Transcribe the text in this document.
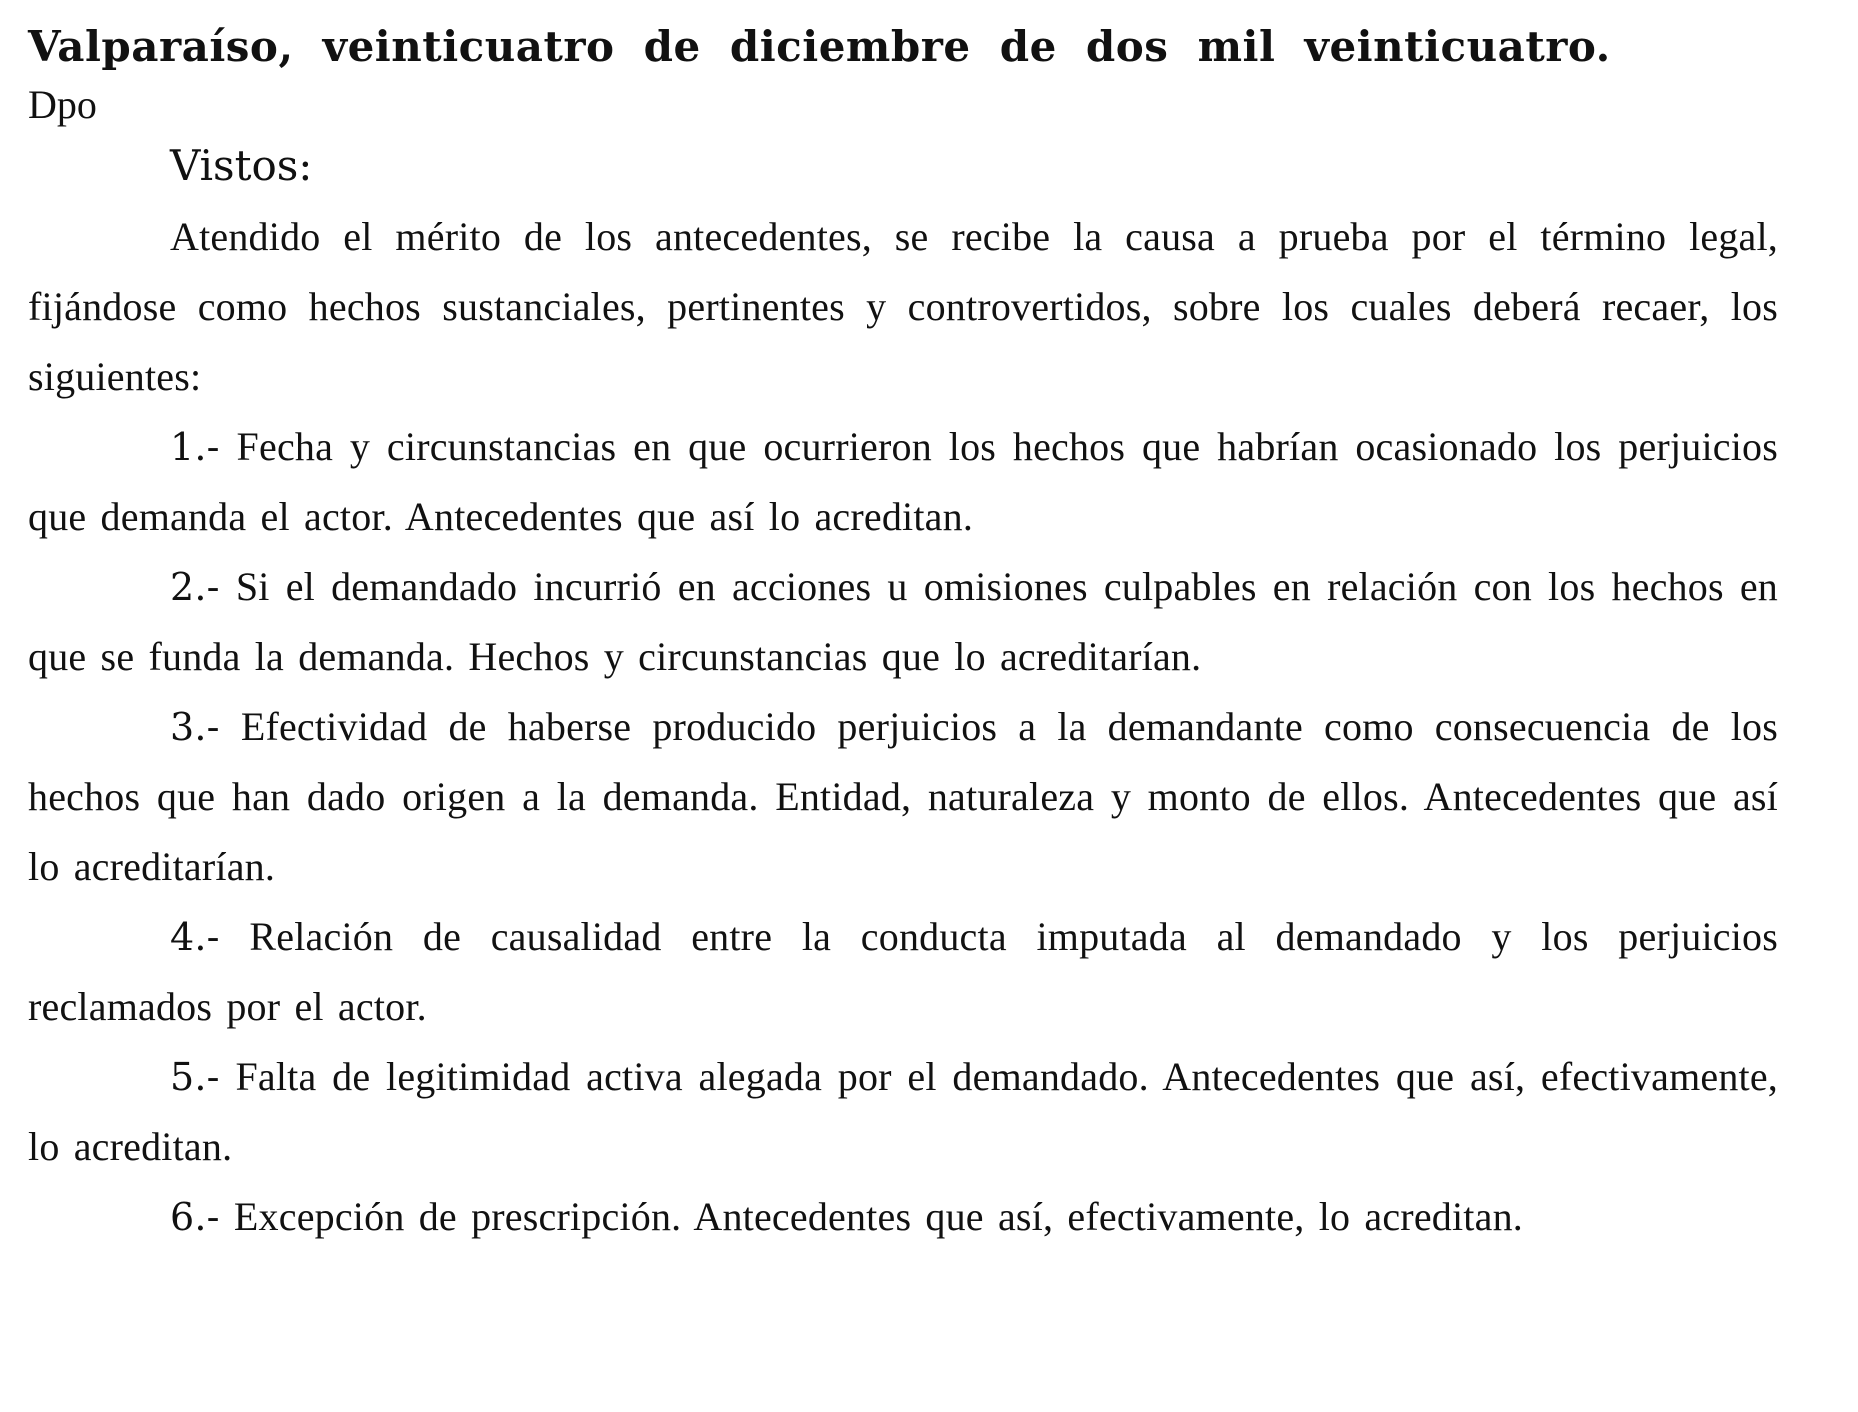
Valparaíso, veinticuatro de diciembre de dos mil veinticuatro.

Dpo

Vistos:

Atendido el mérito de los antecedentes, se recibe la causa a prueba por el término legal, fijándose como hechos sustanciales, pertinentes y controvertidos, sobre los cuales deberá recaer, los siguientes:

1.- Fecha y circunstancias en que ocurrieron los hechos que habrían ocasionado los perjuicios que demanda el actor. Antecedentes que así lo acreditan.

2.- Si el demandado incurrió en acciones u omisiones culpables en relación con los hechos en que se funda la demanda. Hechos y circunstancias que lo acreditarían.

3.- Efectividad de haberse producido perjuicios a la demandante como consecuencia de los hechos que han dado origen a la demanda. Entidad, naturaleza y monto de ellos. Antecedentes que así lo acreditarían.

4.- Relación de causalidad entre la conducta imputada al demandado y los perjuicios reclamados por el actor.

5.- Falta de legitimidad activa alegada por el demandado. Antecedentes que así, efectivamente, lo acreditan.

6.- Excepción de prescripción. Antecedentes que así, efectivamente, lo acreditan.
